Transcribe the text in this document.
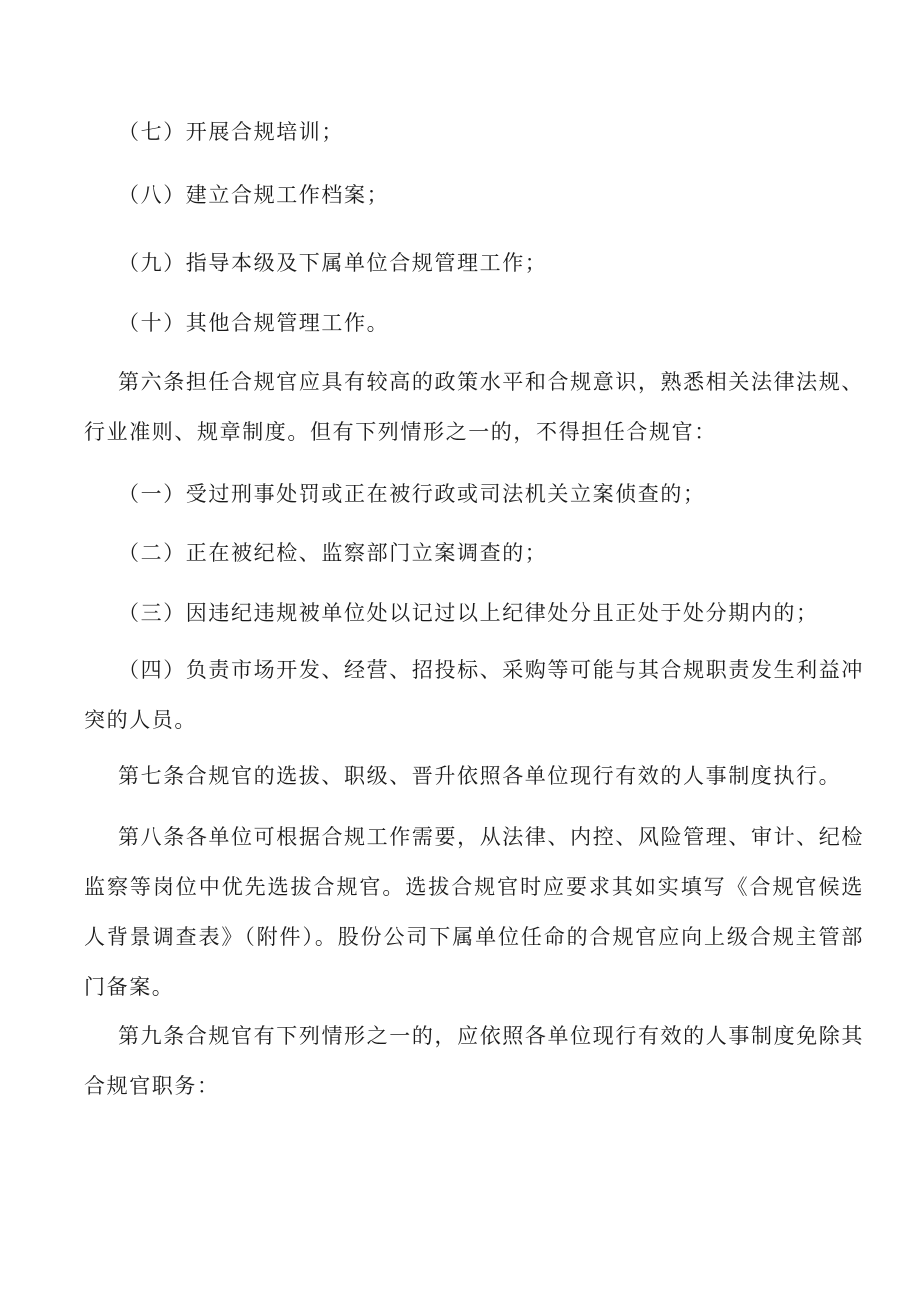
（七）开展合规培训；

（八）建立合规工作档案；

（九）指导本级及下属单位合规管理工作；

（十）其他合规管理工作。

第六条担任合规官应具有较高的政策水平和合规意识，熟悉相关法律法规、行业准则、规章制度。但有下列情形之一的，不得担任合规官：

（一）受过刑事处罚或正在被行政或司法机关立案侦查的；

（二）正在被纪检、监察部门立案调查的；

（三）因违纪违规被单位处以记过以上纪律处分且正处于处分期内的；

（四）负责市场开发、经营、招投标、采购等可能与其合规职责发生利益冲突的人员。

第七条合规官的选拔、职级、晋升依照各单位现行有效的人事制度执行。

第八条各单位可根据合规工作需要，从法律、内控、风险管理、审计、纪检监察等岗位中优先选拔合规官。选拔合规官时应要求其如实填写《合规官候选人背景调查表》（附件）。股份公司下属单位任命的合规官应向上级合规主管部门备案。

第九条合规官有下列情形之一的，应依照各单位现行有效的人事制度免除其合规官职务：
